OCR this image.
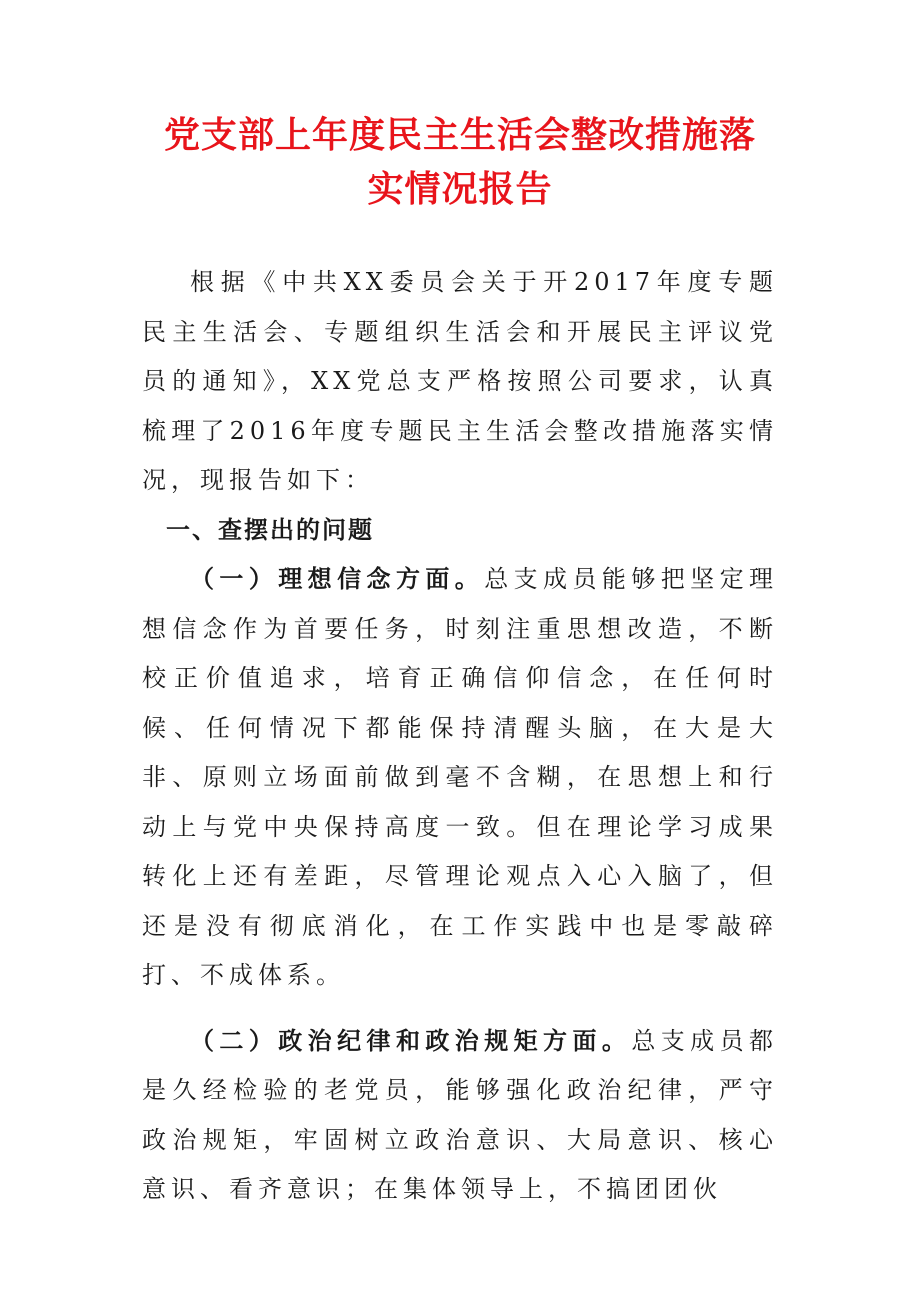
党支部上年度民主生活会整改措施落
实情况报告

根据《中共XX委员会关于开2017年度专题民主生活会、专题组织生活会和开展民主评议党员的通知》，XX党总支严格按照公司要求，认真梳理了2016年度专题民主生活会整改措施落实情况，现报告如下：

一、查摆出的问题

（一）理想信念方面。总支成员能够把坚定理想信念作为首要任务，时刻注重思想改造，不断校正价值追求，培育正确信仰信念，在任何时候、任何情况下都能保持清醒头脑，在大是大非、原则立场面前做到毫不含糊，在思想上和行动上与党中央保持高度一致。但在理论学习成果转化上还有差距，尽管理论观点入心入脑了，但还是没有彻底消化，在工作实践中也是零敲碎打、不成体系。

（二）政治纪律和政治规矩方面。总支成员都是久经检验的老党员，能够强化政治纪律，严守政治规矩，牢固树立政治意识、大局意识、核心意识、看齐意识；在集体领导上，不搞团团伙
